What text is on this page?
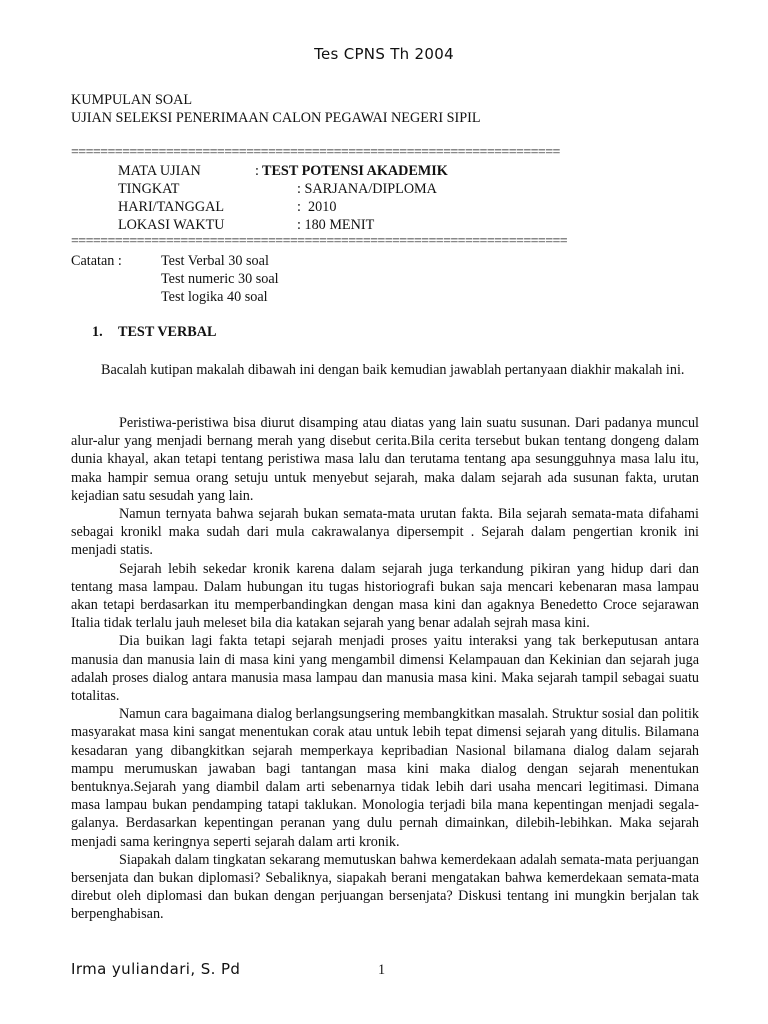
Tes CPNS Th 2004
KUMPULAN SOAL
UJIAN SELEKSI PENERIMAAN CALON PEGAWAI NEGERI SIPIL
===================================================================
MATA UJIAN	: TEST POTENSI AKADEMIK
TINGKAT	: SARJANA/DIPLOMA
HARI/TANGGAL	:  2010
LOKASI WAKTU	: 180 MENIT
====================================================================
Catatan :	Test Verbal 30 soal
Test numeric 30 soal
Test logika 40 soal
1. TEST VERBAL

Bacalah kutipan makalah dibawah ini dengan baik kemudian jawablah pertanyaan diakhir makalah ini.

Peristiwa-peristiwa bisa diurut disamping atau diatas yang lain suatu susunan. Dari padanya muncul alur-alur yang menjadi bernang merah yang disebut cerita.Bila cerita tersebut bukan tentang dongeng dalam dunia khayal, akan tetapi tentang peristiwa masa lalu dan terutama tentang apa sesungguhnya masa lalu itu, maka hampir semua orang setuju untuk menyebut sejarah, maka dalam sejarah ada susunan fakta, urutan kejadian satu sesudah yang lain.

Namun ternyata bahwa sejarah bukan semata-mata urutan fakta. Bila sejarah semata-mata difahami sebagai kronikl maka sudah dari mula cakrawalanya dipersempit . Sejarah dalam pengertian kronik ini menjadi statis.

Sejarah lebih sekedar kronik karena dalam sejarah juga terkandung pikiran yang hidup dari dan tentang masa lampau. Dalam hubungan itu tugas historiografi bukan saja mencari kebenaran masa lampau akan tetapi berdasarkan itu memperbandingkan dengan masa kini dan agaknya Benedetto Croce sejarawan Italia tidak terlalu jauh meleset bila dia katakan sejarah yang benar adalah sejrah masa kini.

Dia buikan lagi fakta tetapi sejarah menjadi proses yaitu interaksi yang tak berkeputusan antara manusia dan manusia lain di masa kini yang mengambil dimensi Kelampauan dan Kekinian dan sejarah juga adalah proses dialog antara manusia masa lampau dan manusia masa kini. Maka sejarah tampil sebagai suatu totalitas.

Namun cara bagaimana dialog berlangsungsering membangkitkan masalah. Struktur sosial dan politik masyarakat masa kini sangat menentukan corak atau untuk lebih tepat dimensi sejarah yang ditulis. Bilamana kesadaran yang dibangkitkan sejarah memperkaya kepribadian Nasional bilamana dialog dalam sejarah mampu merumuskan jawaban bagi tantangan masa kini maka dialog dengan sejarah menentukan bentuknya.Sejarah yang diambil dalam arti sebenarnya tidak lebih dari usaha mencari legitimasi. Dimana masa lampau bukan pendamping tatapi taklukan. Monologia terjadi bila mana kepentingan menjadi segala-galanya. Berdasarkan kepentingan peranan yang dulu pernah dimainkan, dilebih-lebihkan. Maka sejarah menjadi sama keringnya seperti sejarah dalam arti kronik.

Siapakah dalam tingkatan sekarang memutuskan bahwa kemerdekaan adalah semata-mata perjuangan bersenjata dan bukan diplomasi? Sebaliknya, siapakah berani mengatakan bahwa kemerdekaan semata-mata direbut oleh diplomasi dan bukan dengan perjuangan bersenjata? Diskusi tentang ini mungkin berjalan tak berpenghabisan.

Irma yuliandari, S. Pd	1
